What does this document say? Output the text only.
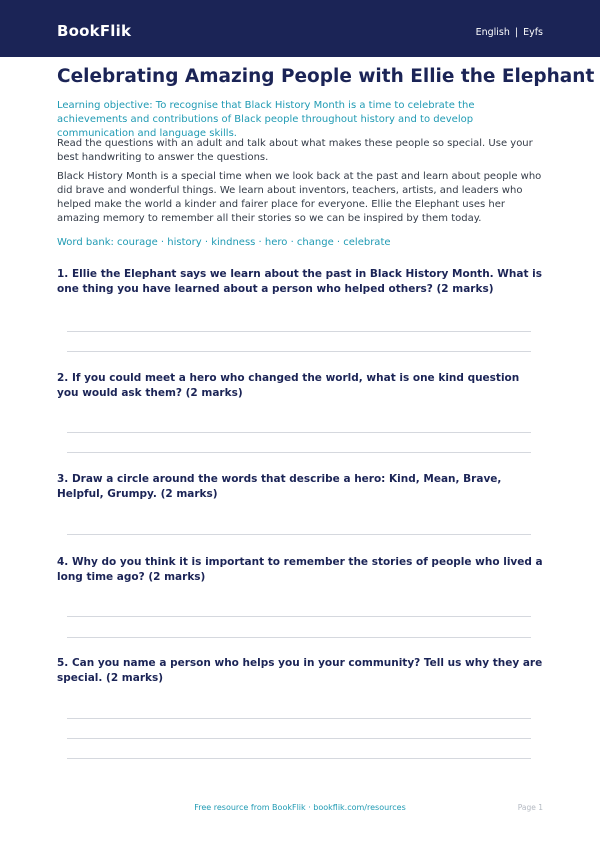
BookFlik	English | Eyfs
Celebrating Amazing People with Ellie the Elephant

Learning objective: To recognise that Black History Month is a time to celebrate the achievements and contributions of Black people throughout history and to develop communication and language skills.

Read the questions with an adult and talk about what makes these people so special. Use your best handwriting to answer the questions.

Black History Month is a special time when we look back at the past and learn about people who did brave and wonderful things. We learn about inventors, teachers, artists, and leaders who helped make the world a kinder and fairer place for everyone. Ellie the Elephant uses her amazing memory to remember all their stories so we can be inspired by them today.

Word bank: courage · history · kindness · hero · change · celebrate

1. Ellie the Elephant says we learn about the past in Black History Month. What is one thing you have learned about a person who helped others? (2 marks)

2. If you could meet a hero who changed the world, what is one kind question you would ask them? (2 marks)

3. Draw a circle around the words that describe a hero: Kind, Mean, Brave, Helpful, Grumpy. (2 marks)

4. Why do you think it is important to remember the stories of people who lived a long time ago? (2 marks)

5. Can you name a person who helps you in your community? Tell us why they are special. (2 marks)

Free resource from BookFlik · bookflik.com/resources	Page 1
